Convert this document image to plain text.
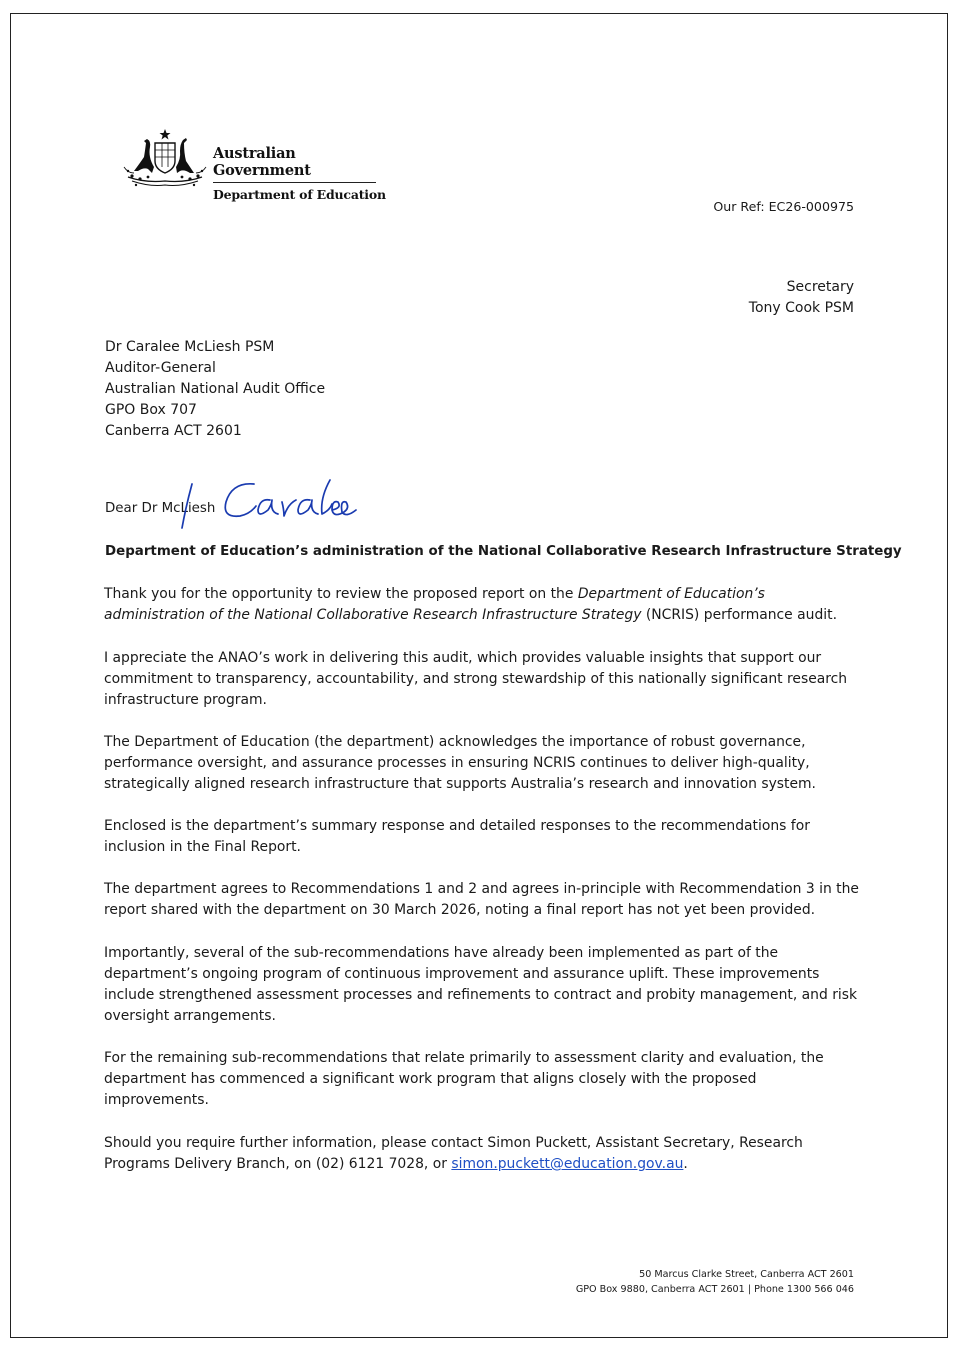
Australian Government
Department of Education
Our Ref: EC26-000975
Secretary
Tony Cook PSM
Dr Caralee McLiesh PSM
Auditor-General
Australian National Audit Office
GPO Box 707
Canberra ACT 2601
Dear Dr McLiesh
Department of Education’s administration of the National Collaborative Research Infrastructure Strategy

Thank you for the opportunity to review the proposed report on the Department of Education’s administration of the National Collaborative Research Infrastructure Strategy (NCRIS) performance audit.

I appreciate the ANAO’s work in delivering this audit, which provides valuable insights that support our commitment to transparency, accountability, and strong stewardship of this nationally significant research infrastructure program.

The Department of Education (the department) acknowledges the importance of robust governance, performance oversight, and assurance processes in ensuring NCRIS continues to deliver high-quality, strategically aligned research infrastructure that supports Australia’s research and innovation system.

Enclosed is the department’s summary response and detailed responses to the recommendations for inclusion in the Final Report.

The department agrees to Recommendations 1 and 2 and agrees in-principle with Recommendation 3 in the report shared with the department on 30 March 2026, noting a final report has not yet been provided.

Importantly, several of the sub-recommendations have already been implemented as part of the department’s ongoing program of continuous improvement and assurance uplift. These improvements include strengthened assessment processes and refinements to contract and probity management, and risk oversight arrangements.

For the remaining sub-recommendations that relate primarily to assessment clarity and evaluation, the department has commenced a significant work program that aligns closely with the proposed improvements.

Should you require further information, please contact Simon Puckett, Assistant Secretary, Research Programs Delivery Branch, on (02) 6121 7028, or simon.puckett@education.gov.au.

50 Marcus Clarke Street, Canberra ACT 2601
GPO Box 9880, Canberra ACT 2601 | Phone 1300 566 046
